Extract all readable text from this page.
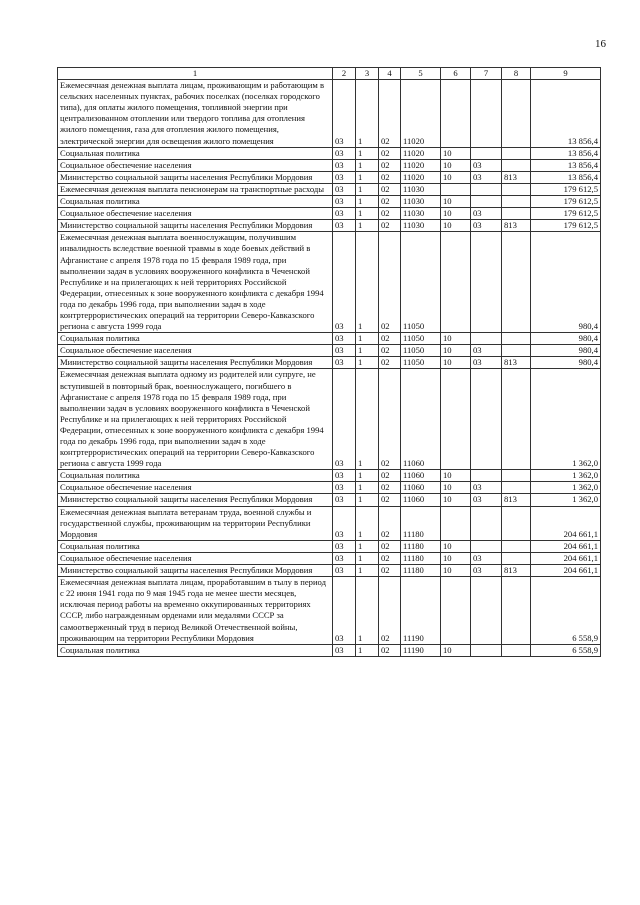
16
1	2	3	4	5	6	7	8	9
Ежемесячная денежная выплата лицам, проживающим и работающим в сельских населенных пунктах, рабочих поселках (поселках городского типа), для оплаты жилого помещения, топливной энергии при централизованном отоплении или твердого топлива для отопления жилого помещения, газа для отопления жилого помещения, электрической энергии для освещения жилого помещения	03	1	02	11020				13 856,4
Социальная политика	03	1	02	11020	10			13 856,4
Социальное обеспечение населения	03	1	02	11020	10	03		13 856,4
Министерство социальной защиты населения Республики Мордовия	03	1	02	11020	10	03	813	13 856,4
Ежемесячная денежная выплата пенсионерам на транспортные расходы	03	1	02	11030				179 612,5
Социальная политика	03	1	02	11030	10			179 612,5
Социальное обеспечение населения	03	1	02	11030	10	03		179 612,5
Министерство социальной защиты населения Республики Мордовия	03	1	02	11030	10	03	813	179 612,5
Ежемесячная денежная выплата военнослужащим, получившим инвалидность вследствие военной травмы в ходе боевых действий в Афганистане с апреля 1978 года по 15 февраля 1989 года, при выполнении задач в условиях вооруженного конфликта в Чеченской Республике и на прилегающих к ней территориях Российской Федерации, отнесенных к зоне вооруженного конфликта с декабря 1994 года по декабрь 1996 года, при выполнении задач в ходе контртеррористических операций на территории Северо-Кавказского региона с августа 1999 года	03	1	02	11050				980,4
Социальная политика	03	1	02	11050	10			980,4
Социальное обеспечение населения	03	1	02	11050	10	03		980,4
Министерство социальной защиты населения Республики Мордовия	03	1	02	11050	10	03	813	980,4
Ежемесячная денежная выплата одному из родителей или супруге, не вступившей в повторный брак, военнослужащего, погибшего в Афганистане с апреля 1978 года по 15 февраля 1989 года, при выполнении задач в условиях вооруженного конфликта в Чеченской Республике и на прилегающих к ней территориях Российской Федерации, отнесенных к зоне вооруженного конфликта с декабря 1994 года по декабрь 1996 года, при выполнении задач в ходе контртеррористических операций на территории Северо-Кавказского региона с августа 1999 года	03	1	02	11060				1 362,0
Социальная политика	03	1	02	11060	10			1 362,0
Социальное обеспечение населения	03	1	02	11060	10	03		1 362,0
Министерство социальной защиты населения Республики Мордовия	03	1	02	11060	10	03	813	1 362,0
Ежемесячная денежная выплата ветеранам труда, военной службы и государственной службы, проживающим на территории Республики Мордовия	03	1	02	11180				204 661,1
Социальная политика	03	1	02	11180	10			204 661,1
Социальное обеспечение населения	03	1	02	11180	10	03		204 661,1
Министерство социальной защиты населения Республики Мордовия	03	1	02	11180	10	03	813	204 661,1
Ежемесячная денежная выплата лицам, проработавшим в тылу в период с 22 июня 1941 года по 9 мая 1945 года не менее шести месяцев, исключая период работы на временно оккупированных территориях СССР, либо награжденным орденами или медалями СССР за самоотверженный труд в период Великой Отечественной войны, проживающим на территории Республики Мордовия	03	1	02	11190				6 558,9
Социальная политика	03	1	02	11190	10			6 558,9
